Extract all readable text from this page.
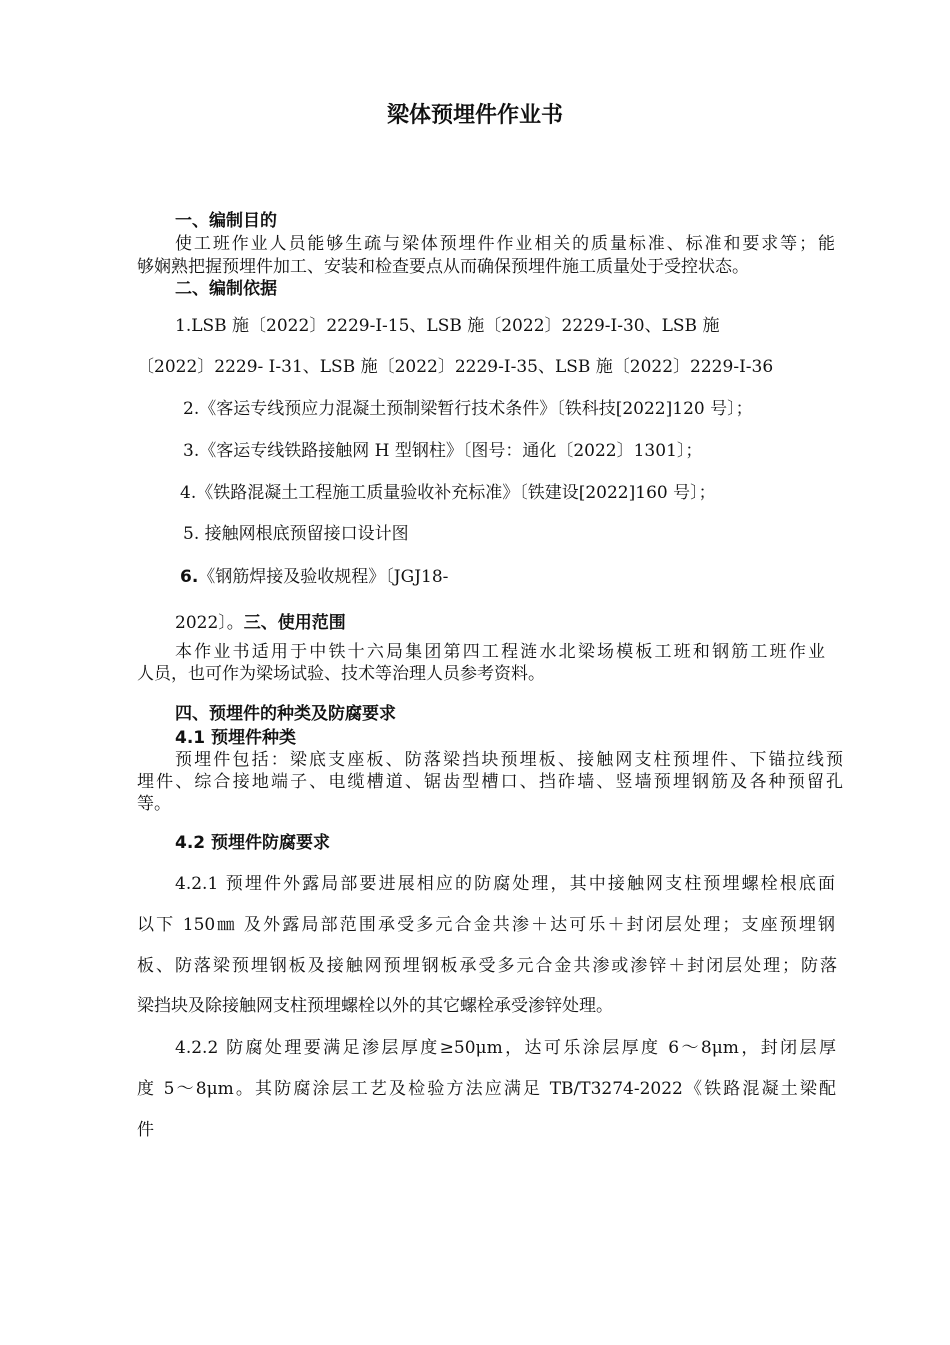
梁体预埋件作业书
一、编制目的
使工班作业人员能够生疏与梁体预埋件作业相关的质量标准、标准和要求等；能
够娴熟把握预埋件加工、安装和检查要点从而确保预埋件施工质量处于受控状态。
二、编制依据
1.LSB 施〔2022〕2229-Ⅰ-15、LSB 施〔2022〕2229-Ⅰ-30、LSB 施
〔2022〕2229- Ⅰ-31、LSB 施〔2022〕2229-Ⅰ-35、LSB 施〔2022〕2229-Ⅰ-36
2.《客运专线预应力混凝土预制梁暂行技术条件》〔铁科技[2022]120 号〕；
3.《客运专线铁路接触网 H 型钢柱》〔图号：通化〔2022〕1301〕；
4.《铁路混凝土工程施工质量验收补充标准》〔铁建设[2022]160 号〕；
5. 接触网根底预留接口设计图
6.《钢筋焊接及验收规程》〔JGJ18-
2022〕。三、使用范围
本作业书适用于中铁十六局集团第四工程涟水北梁场模板工班和钢筋工班作业
人员，也可作为梁场试验、技术等治理人员参考资料。
四、预埋件的种类及防腐要求
4.1 预埋件种类
预埋件包括：梁底支座板、防落梁挡块预埋板、接触网支柱预埋件、下锚拉线预
埋件、综合接地端子、电缆槽道、锯齿型槽口、挡砟墙、竖墙预埋钢筋及各种预留孔
等。
4.2 预埋件防腐要求
4.2.1 预埋件外露局部要进展相应的防腐处理，其中接触网支柱预埋螺栓根底面
以下 150㎜ 及外露局部范围承受多元合金共渗＋达可乐＋封闭层处理；支座预埋钢
板、防落梁预埋钢板及接触网预埋钢板承受多元合金共渗或渗锌＋封闭层处理；防落
梁挡块及除接触网支柱预埋螺栓以外的其它螺栓承受渗锌处理。
4.2.2 防腐处理要满足渗层厚度≥50μm，达可乐涂层厚度 6～8μm，封闭层厚
度 5～8μm。其防腐涂层工艺及检验方法应满足 TB/T3274-2022《铁路混凝土梁配
件
